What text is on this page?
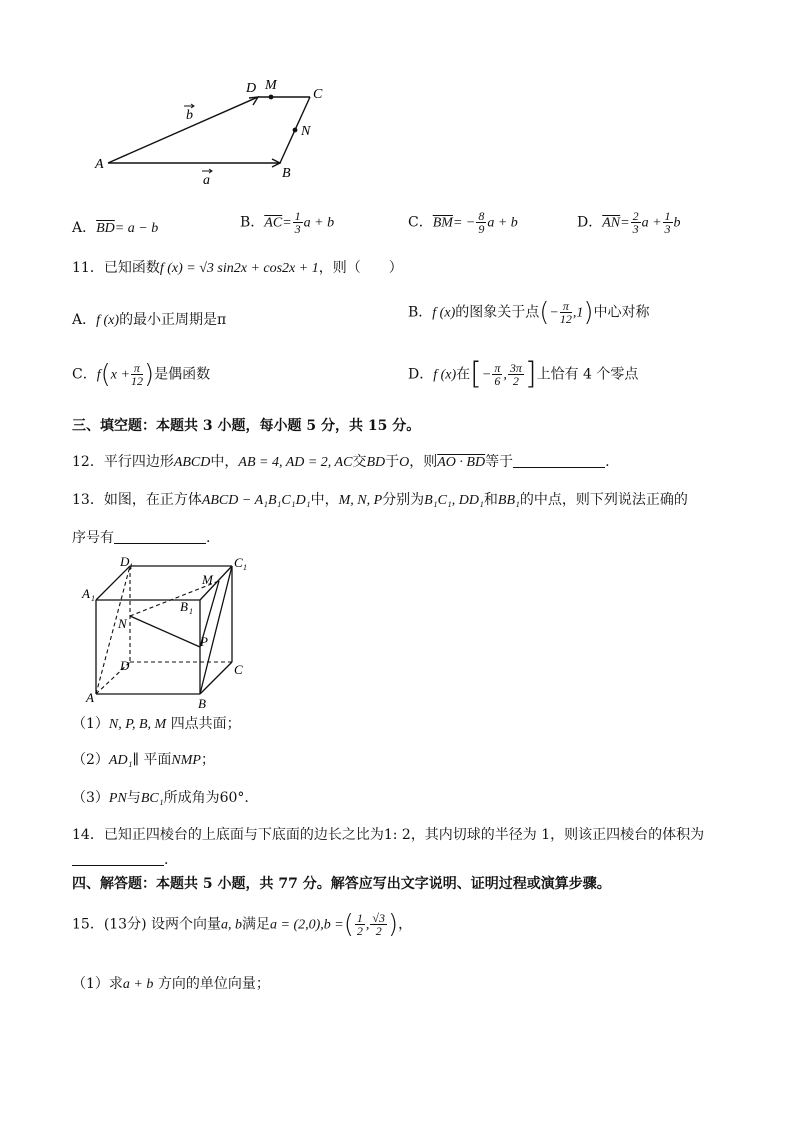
A
B
C
D M
N
b
a
A．$\overline{BD}= a - b$	B．$\overline{AC}= \frac{1}{3}$ a + b	C．$\overline{BM}= - \frac{8}{9}$ a + b	D．$\overline{AN}= \frac{2}{3}$ $a + \frac{1}{3}$ b
11．已知函数f (x) = √3 sin2x + cos2x + 1，则（　　）
A．f (x)的最小正周期是π	B．f (x)的图象关于点(− $\frac{\pi}{12} ,1$)中心对称
C．$f(x + \frac{\pi}{12}$ )是偶函数	D．f (x)在[− $\frac{\pi}{6}$ , $\frac{3\pi}{2}$ ]上恰有 4 个零点
三、填空题：本题共 3 小题，每小题 5 分，共 15 分。
12．平行四边形ABCD中，AB = 4, AD = 2, AC交BD于O，则AO · BD等于	.
13．如图，在正方体ABCD − A₁B₁C₁D₁中，M, N, P分别为B₁C₁, DD₁和BB₁的中点，则下列说法正确的
序号有	.
D 1	C 1
A 1
B 1
M
N
P
D	C
A	B
（1）N, P, B, M 四点共面；
（2）AD₁∥ 平面NMP；
（3）PN与BC₁所成角为60°.
14．已知正四棱台的上底面与下底面的边长之比为1: 2，其内切球的半径为 1，则该正四棱台的体积为
.
四、解答题：本题共 5 小题，共 77 分。解答应写出文字说明、证明过程或演算步骤。
15．(13分) 设两个向量a, b满足a = (2,0),b =( $\frac{1}{2}$ , $\frac{√3}{2}$ )，
（1）求a + b 方向的单位向量；
